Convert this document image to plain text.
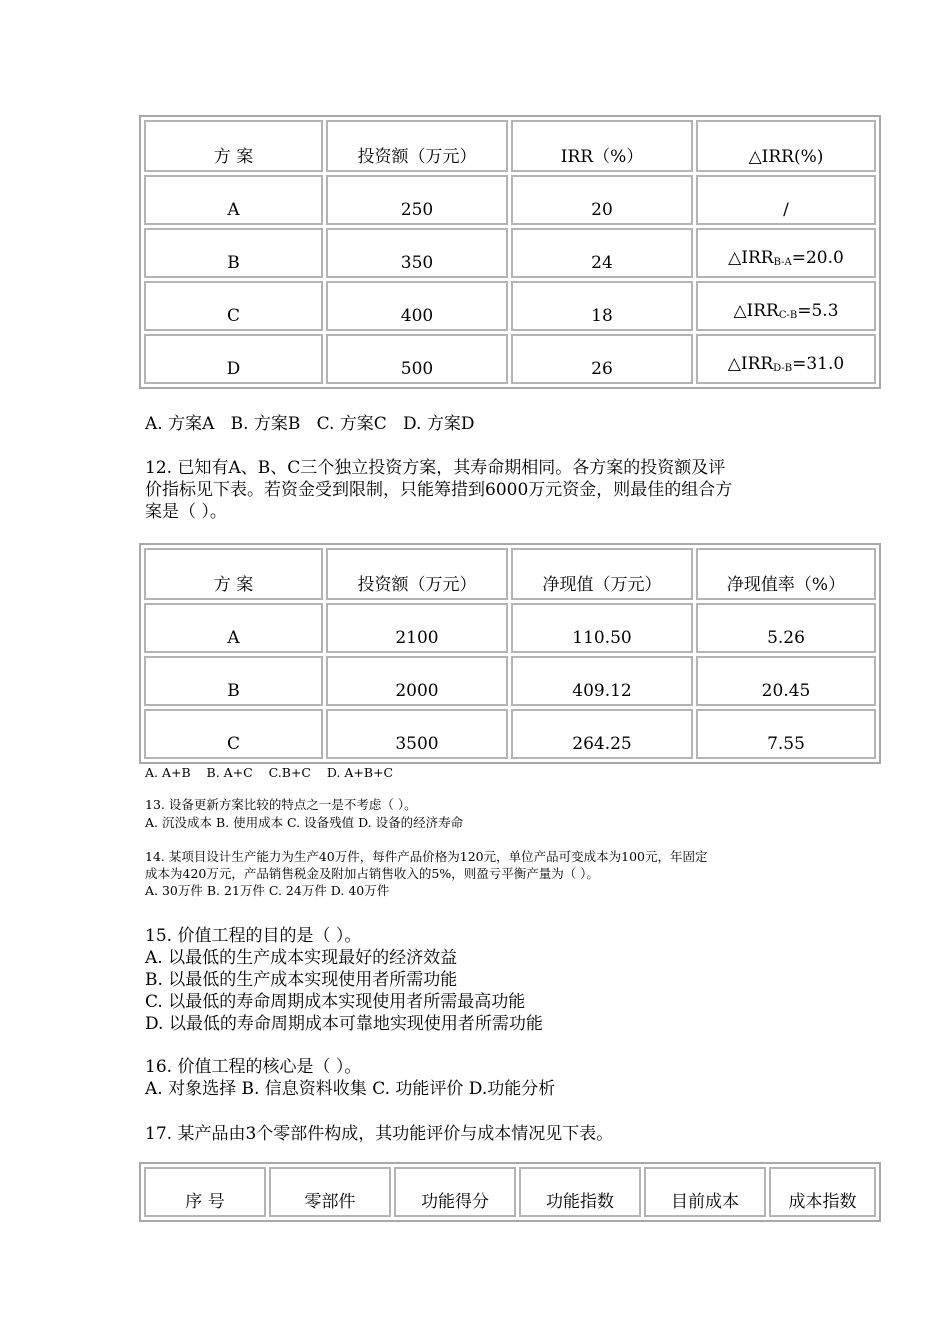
方 案	投资额（万元）	IRR（%）	△IRR(%)
A	250	20	/
B	350	24	$\triangle IRR_{B-A}=20.0$
C	400	18	$\triangle IRR_{C-B}=5.3$
D	500	26	$\triangle IRR_{D-B}=31.0$
A. 方案A   B. 方案B   C. 方案C   D. 方案D
12. 已知有A、B、C三个独立投资方案，其寿命期相同。各方案的投资额及评
价指标见下表。若资金受到限制，只能筹措到6000万元资金，则最佳的组合方
案是（ ）。
方 案	投资额（万元）	净现值（万元）	净现值率（%）
A	2100	110.50	5.26
B	2000	409.12	20.45
C	3500	264.25	7.55
A. A+B    B. A+C    C.B+C    D. A+B+C
13. 设备更新方案比较的特点之一是不考虑（ ）。
A. 沉没成本 B. 使用成本 C. 设备残值 D. 设备的经济寿命
14. 某项目设计生产能力为生产40万件，每件产品价格为120元，单位产品可变成本为100元，年固定
成本为420万元，产品销售税金及附加占销售收入的5%，则盈亏平衡产量为（ ）。
A. 30万件 B. 21万件 C. 24万件 D. 40万件
15. 价值工程的目的是（ ）。
A. 以最低的生产成本实现最好的经济效益
B. 以最低的生产成本实现使用者所需功能
C. 以最低的寿命周期成本实现使用者所需最高功能
D. 以最低的寿命周期成本可靠地实现使用者所需功能
16. 价值工程的核心是（ ）。
A. 对象选择 B. 信息资料收集 C. 功能评价 D.功能分析
17. 某产品由3个零部件构成，其功能评价与成本情况见下表。
序 号	零部件	功能得分	功能指数	目前成本	成本指数
